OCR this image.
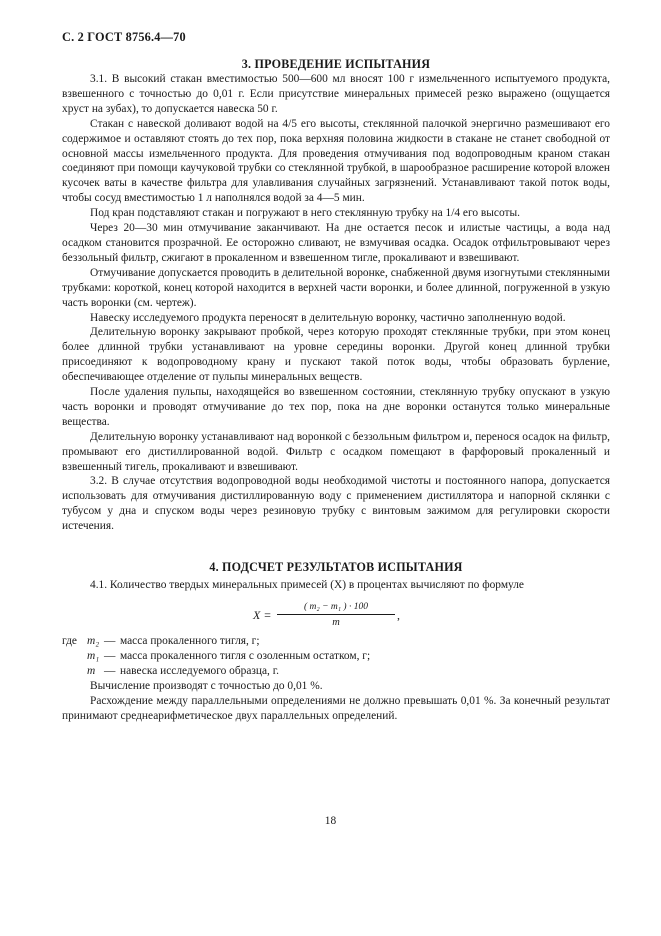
С. 2 ГОСТ 8756.4—70
3. ПРОВЕДЕНИЕ ИСПЫТАНИЯ

3.1. В высокий стакан вместимостью 500—600 мл вносят 100 г измельченного испытуемого продукта, взвешенного с точностью до 0,01 г. Если присутствие минеральных примесей резко выражено (ощущается хруст на зубах), то допускается навеска 50 г.

Стакан с навеской доливают водой на 4/5 его высоты, стеклянной палочкой энергично размешивают его содержимое и оставляют стоять до тех пор, пока верхняя половина жидкости в стакане не станет свободной от основной массы измельченного продукта. Для проведения отмучивания под водопроводным краном стакан соединяют при помощи каучуковой трубки со стеклянной трубкой, в шарообразное расширение которой вложен кусочек ваты в качестве фильтра для улавливания случайных загрязнений. Устанавливают такой поток воды, чтобы сосуд вместимостью 1 л наполнялся водой за 4—5 мин.

Под кран подставляют стакан и погружают в него стеклянную трубку на 1/4 его высоты.

Через 20—30 мин отмучивание заканчивают. На дне остается песок и илистые частицы, а вода над осадком становится прозрачной. Ее осторожно сливают, не взмучивая осадка. Осадок отфильтровывают через беззольный фильтр, сжигают в прокаленном и взвешенном тигле, прокаливают и взвешивают.

Отмучивание допускается проводить в делительной воронке, снабженной двумя изогнутыми стеклянными трубками: короткой, конец которой находится в верхней части воронки, и более длинной, погруженной в узкую часть воронки (см. чертеж).

Навеску исследуемого продукта переносят в делительную воронку, частично заполненную водой.

Делительную воронку закрывают пробкой, через которую проходят стеклянные трубки, при этом конец более длинной трубки устанавливают на уровне середины воронки. Другой конец длинной трубки присоединяют к водопроводному крану и пускают такой поток воды, чтобы образовать бурление, обеспечивающее отделение от пульпы минеральных веществ.

После удаления пульпы, находящейся во взвешенном состоянии, стеклянную трубку опускают в узкую часть воронки и проводят отмучивание до тех пор, пока на дне воронки останутся только минеральные вещества.

Делительную воронку устанавливают над воронкой с беззольным фильтром и, перенося осадок на фильтр, промывают его дистиллированной водой. Фильтр с осадком помещают в фарфоровый прокаленный и взвешенный тигель, прокаливают и взвешивают.

3.2. В случае отсутствия водопроводной воды необходимой чистоты и постоянного напора, допускается использовать для отмучивания дистиллированную воду с применением дистиллятора и напорной склянки с тубусом у дна и спуском воды через резиновую трубку с винтовым зажимом для регулировки скорости истечения.

4. ПОДСЧЕТ РЕЗУЛЬТАТОВ ИСПЫТАНИЯ

4.1. Количество твердых минеральных примесей (X) в процентах вычисляют по формуле

X =
( m₂ − m₁ ) · 100
m
,
где m₂ — масса прокаленного тигля, г;
m₁ — масса прокаленного тигля с озоленным остатком, г;
m — навеска исследуемого образца, г.

Вычисление производят с точностью до 0,01 %.

Расхождение между параллельными определениями не должно превышать 0,01 %. За конечный результат принимают среднеарифметическое двух параллельных определений.

18
